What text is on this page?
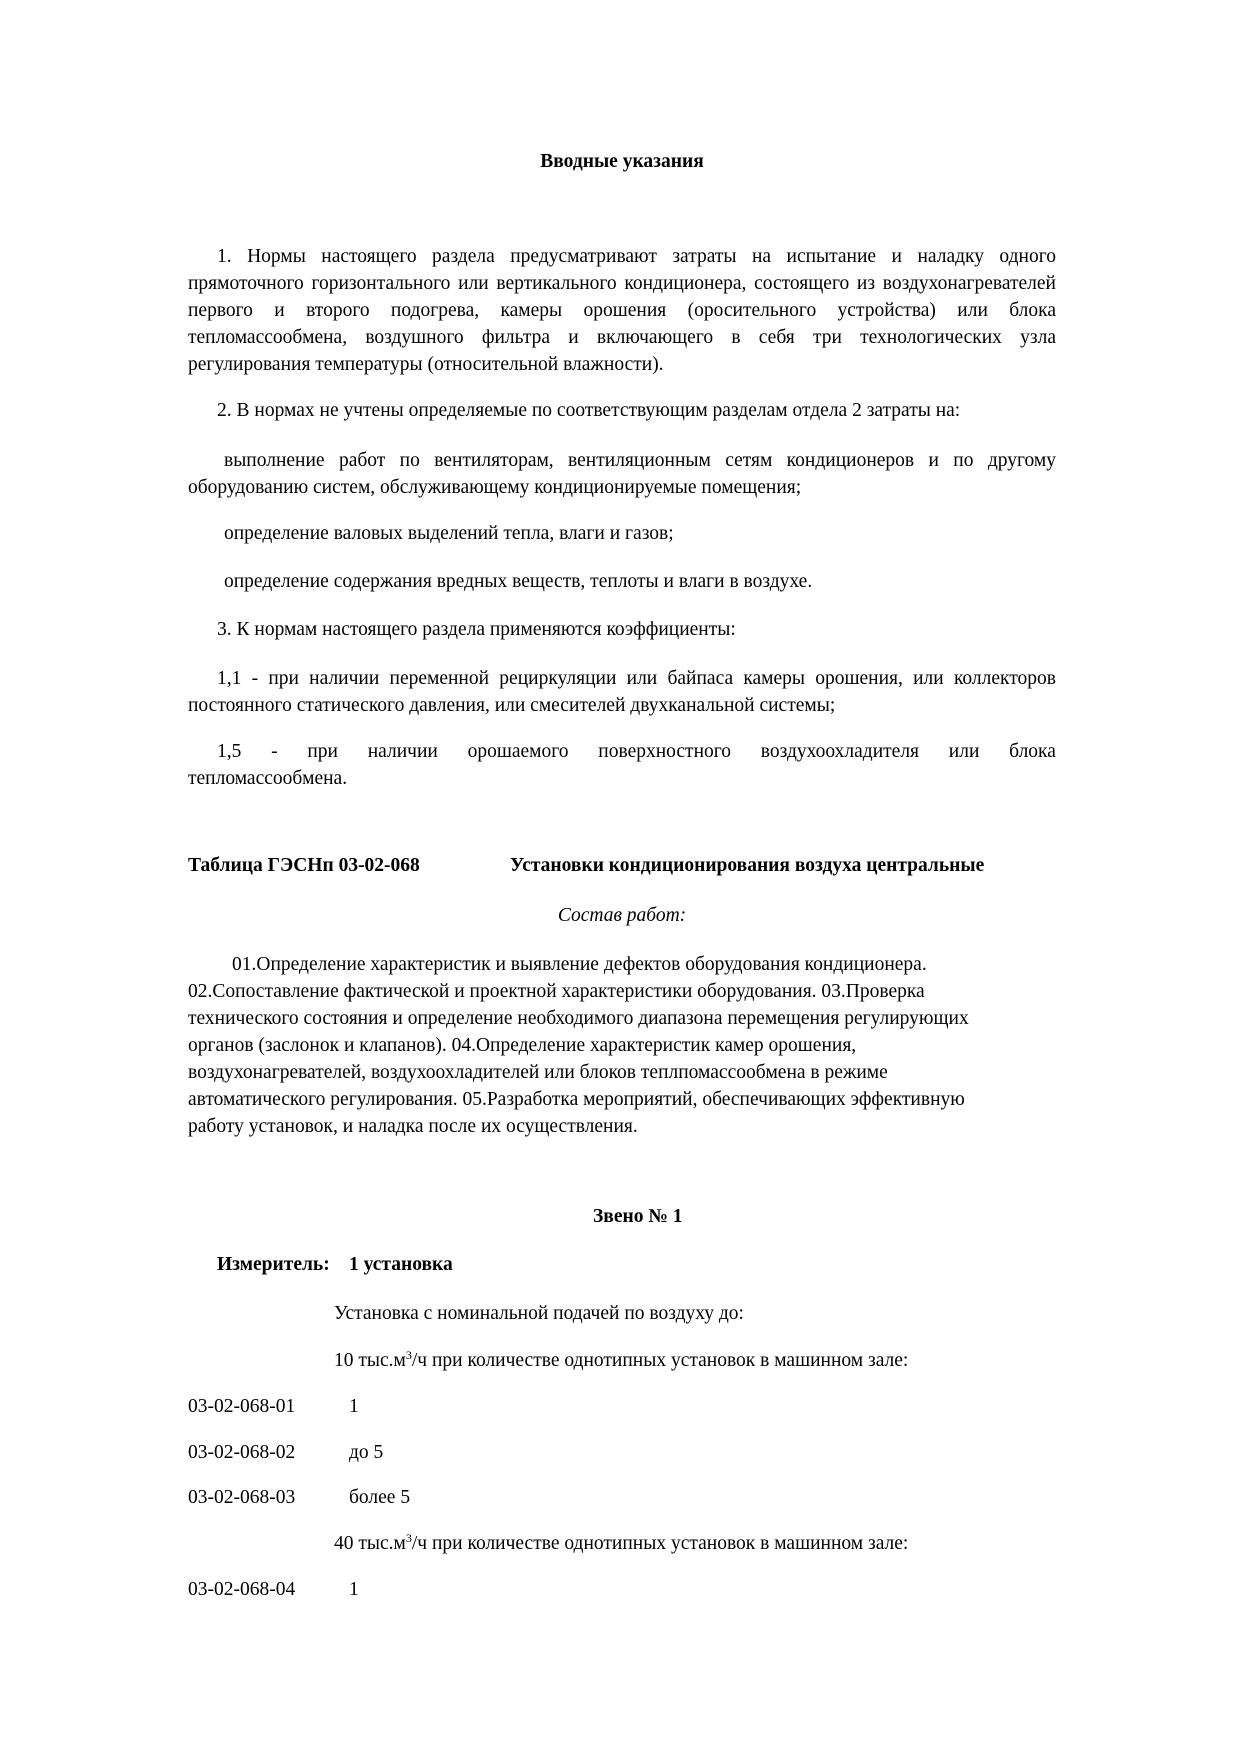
Вводные указания
1. Нормы настоящего раздела предусматривают затраты на испытание и наладку одного прямоточного горизонтального или вертикального кондиционера, состоящего из воздухонагревателей первого и второго подогрева, камеры орошения (оросительного устройства) или блока тепломассообмена, воздушного фильтра и включающего в себя три технологических узла регулирования температуры (относительной влажности).
2. В нормах не учтены определяемые по соответствующим разделам отдела 2 затраты на:
выполнение работ по вентиляторам, вентиляционным сетям кондиционеров и по другому оборудованию систем, обслуживающему кондиционируемые помещения;
определение валовых выделений тепла, влаги и газов;
определение содержания вредных веществ, теплоты и влаги в воздухе.
3. К нормам настоящего раздела применяются коэффициенты:
1,1 - при наличии переменной рециркуляции или байпаса камеры орошения, или коллекторов постоянного статического давления, или смесителей двухканальной системы;
1,5 - при наличии орошаемого поверхностного воздухоохладителя или блока
тепломассообмена.
Таблица ГЭСНп 03-02-068	Установки кондиционирования воздуха центральные
Состав работ:
01.Определение характеристик и выявление дефектов оборудования кондиционера.
02.Сопоставление фактической и проектной характеристики оборудования. 03.Проверка
технического состояния и определение необходимого диапазона перемещения регулирующих
органов (заслонок и клапанов). 04.Определение характеристик камер орошения,
воздухонагревателей, воздухоохладителей или блоков теплпомассообмена в режиме
автоматического регулирования. 05.Разработка мероприятий, обеспечивающих эффективную
работу установок, и наладка после их осуществления.
Звено № 1
Измеритель: 1 установка
Установка с номинальной подачей по воздуху до:
10 $тыс.м^3/ч$ при количестве однотипных установок в машинном зале:
03-02-068-01	1
03-02-068-02	до 5
03-02-068-03	более 5
40 $тыс.м^3/ч$ при количестве однотипных установок в машинном зале:
03-02-068-04	1
